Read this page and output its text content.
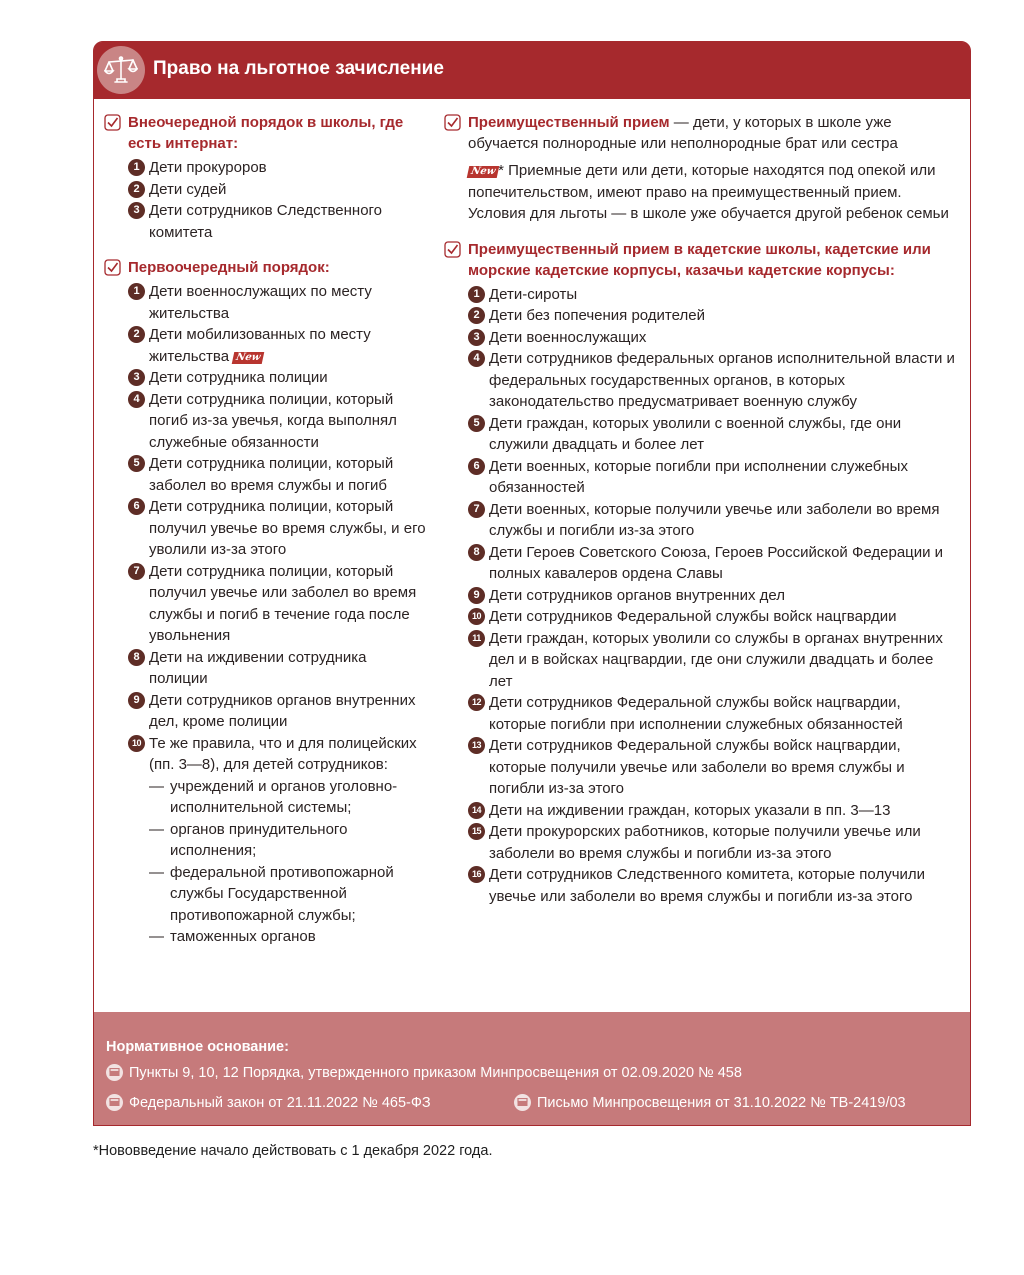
Право на льготное зачисление
Внеочередной порядок в школы, где есть интернат:
1 Дети прокуроров
2 Дети судей
3 Дети сотрудников Следственного комитета
Первоочередный порядок:
1 Дети военнослужащих по месту жительства
2 Дети мобилизованных по месту жительства New
3 Дети сотрудника полиции
4 Дети сотрудника полиции, который погиб из-за увечья, когда выполнял служебные обязанности
5 Дети сотрудника полиции, который заболел во время службы и погиб
6 Дети сотрудника полиции, который получил увечье во время службы, и его уволили из-за этого
7 Дети сотрудника полиции, который получил увечье или заболел во время службы и погиб в течение года после увольнения
8 Дети на иждивении сотрудника полиции
9 Дети сотрудников органов внутренних дел, кроме полиции
10 Те же правила, что и для полицейских (пп. 3—8), для детей сотрудников:
— учреждений и органов уголовно-исполнительной системы;
— органов принудительного исполнения;
— федеральной противопожарной службы Государственной противопожарной службы;
— таможенных органов
Преимущественный прием — дети, у которых в школе уже обучается полнородные или неполнородные брат или сестра
New * Приемные дети или дети, которые находятся под опекой или попечительством, имеют право на преимущественный прием. Условия для льготы — в школе уже обучается другой ребенок семьи
Преимущественный прием в кадетские школы, кадетские или морские кадетские корпусы, казачьи кадетские корпусы:
1 Дети-сироты
2 Дети без попечения родителей
3 Дети военнослужащих
4 Дети сотрудников федеральных органов исполнительной власти и федеральных государственных органов, в которых законодательство предусматривает военную службу
5 Дети граждан, которых уволили с военной службы, где они служили двадцать и более лет
6 Дети военных, которые погибли при исполнении служебных обязанностей
7 Дети военных, которые получили увечье или заболели во время службы и погибли из-за этого
8 Дети Героев Советского Союза, Героев Российской Федерации и полных кавалеров ордена Славы
9 Дети сотрудников органов внутренних дел
10 Дети сотрудников Федеральной службы войск нацгвардии
11 Дети граждан, которых уволили со службы в органах внутренних дел и в войсках нацгвардии, где они служили двадцать и более лет
12 Дети сотрудников Федеральной службы войск нацгвардии, которые погибли при исполнении служебных обязанностей
13 Дети сотрудников Федеральной службы войск нацгвардии, которые получили увечье или заболели во время службы и погибли из-за этого
14 Дети на иждивении граждан, которых указали в пп. 3—13
15 Дети прокурорских работников, которые получили увечье или заболели во время службы и погибли из-за этого
16 Дети сотрудников Следственного комитета, которые получили увечье или заболели во время службы и погибли из-за этого
Нормативное основание:
Пункты 9, 10, 12 Порядка, утвержденного приказом Минпросвещения от 02.09.2020 № 458
Федеральный закон от 21.11.2022 № 465-ФЗ	Письмо Минпросвещения от 31.10.2022 № ТВ-2419/03
*Нововведение начало действовать с 1 декабря 2022 года.
